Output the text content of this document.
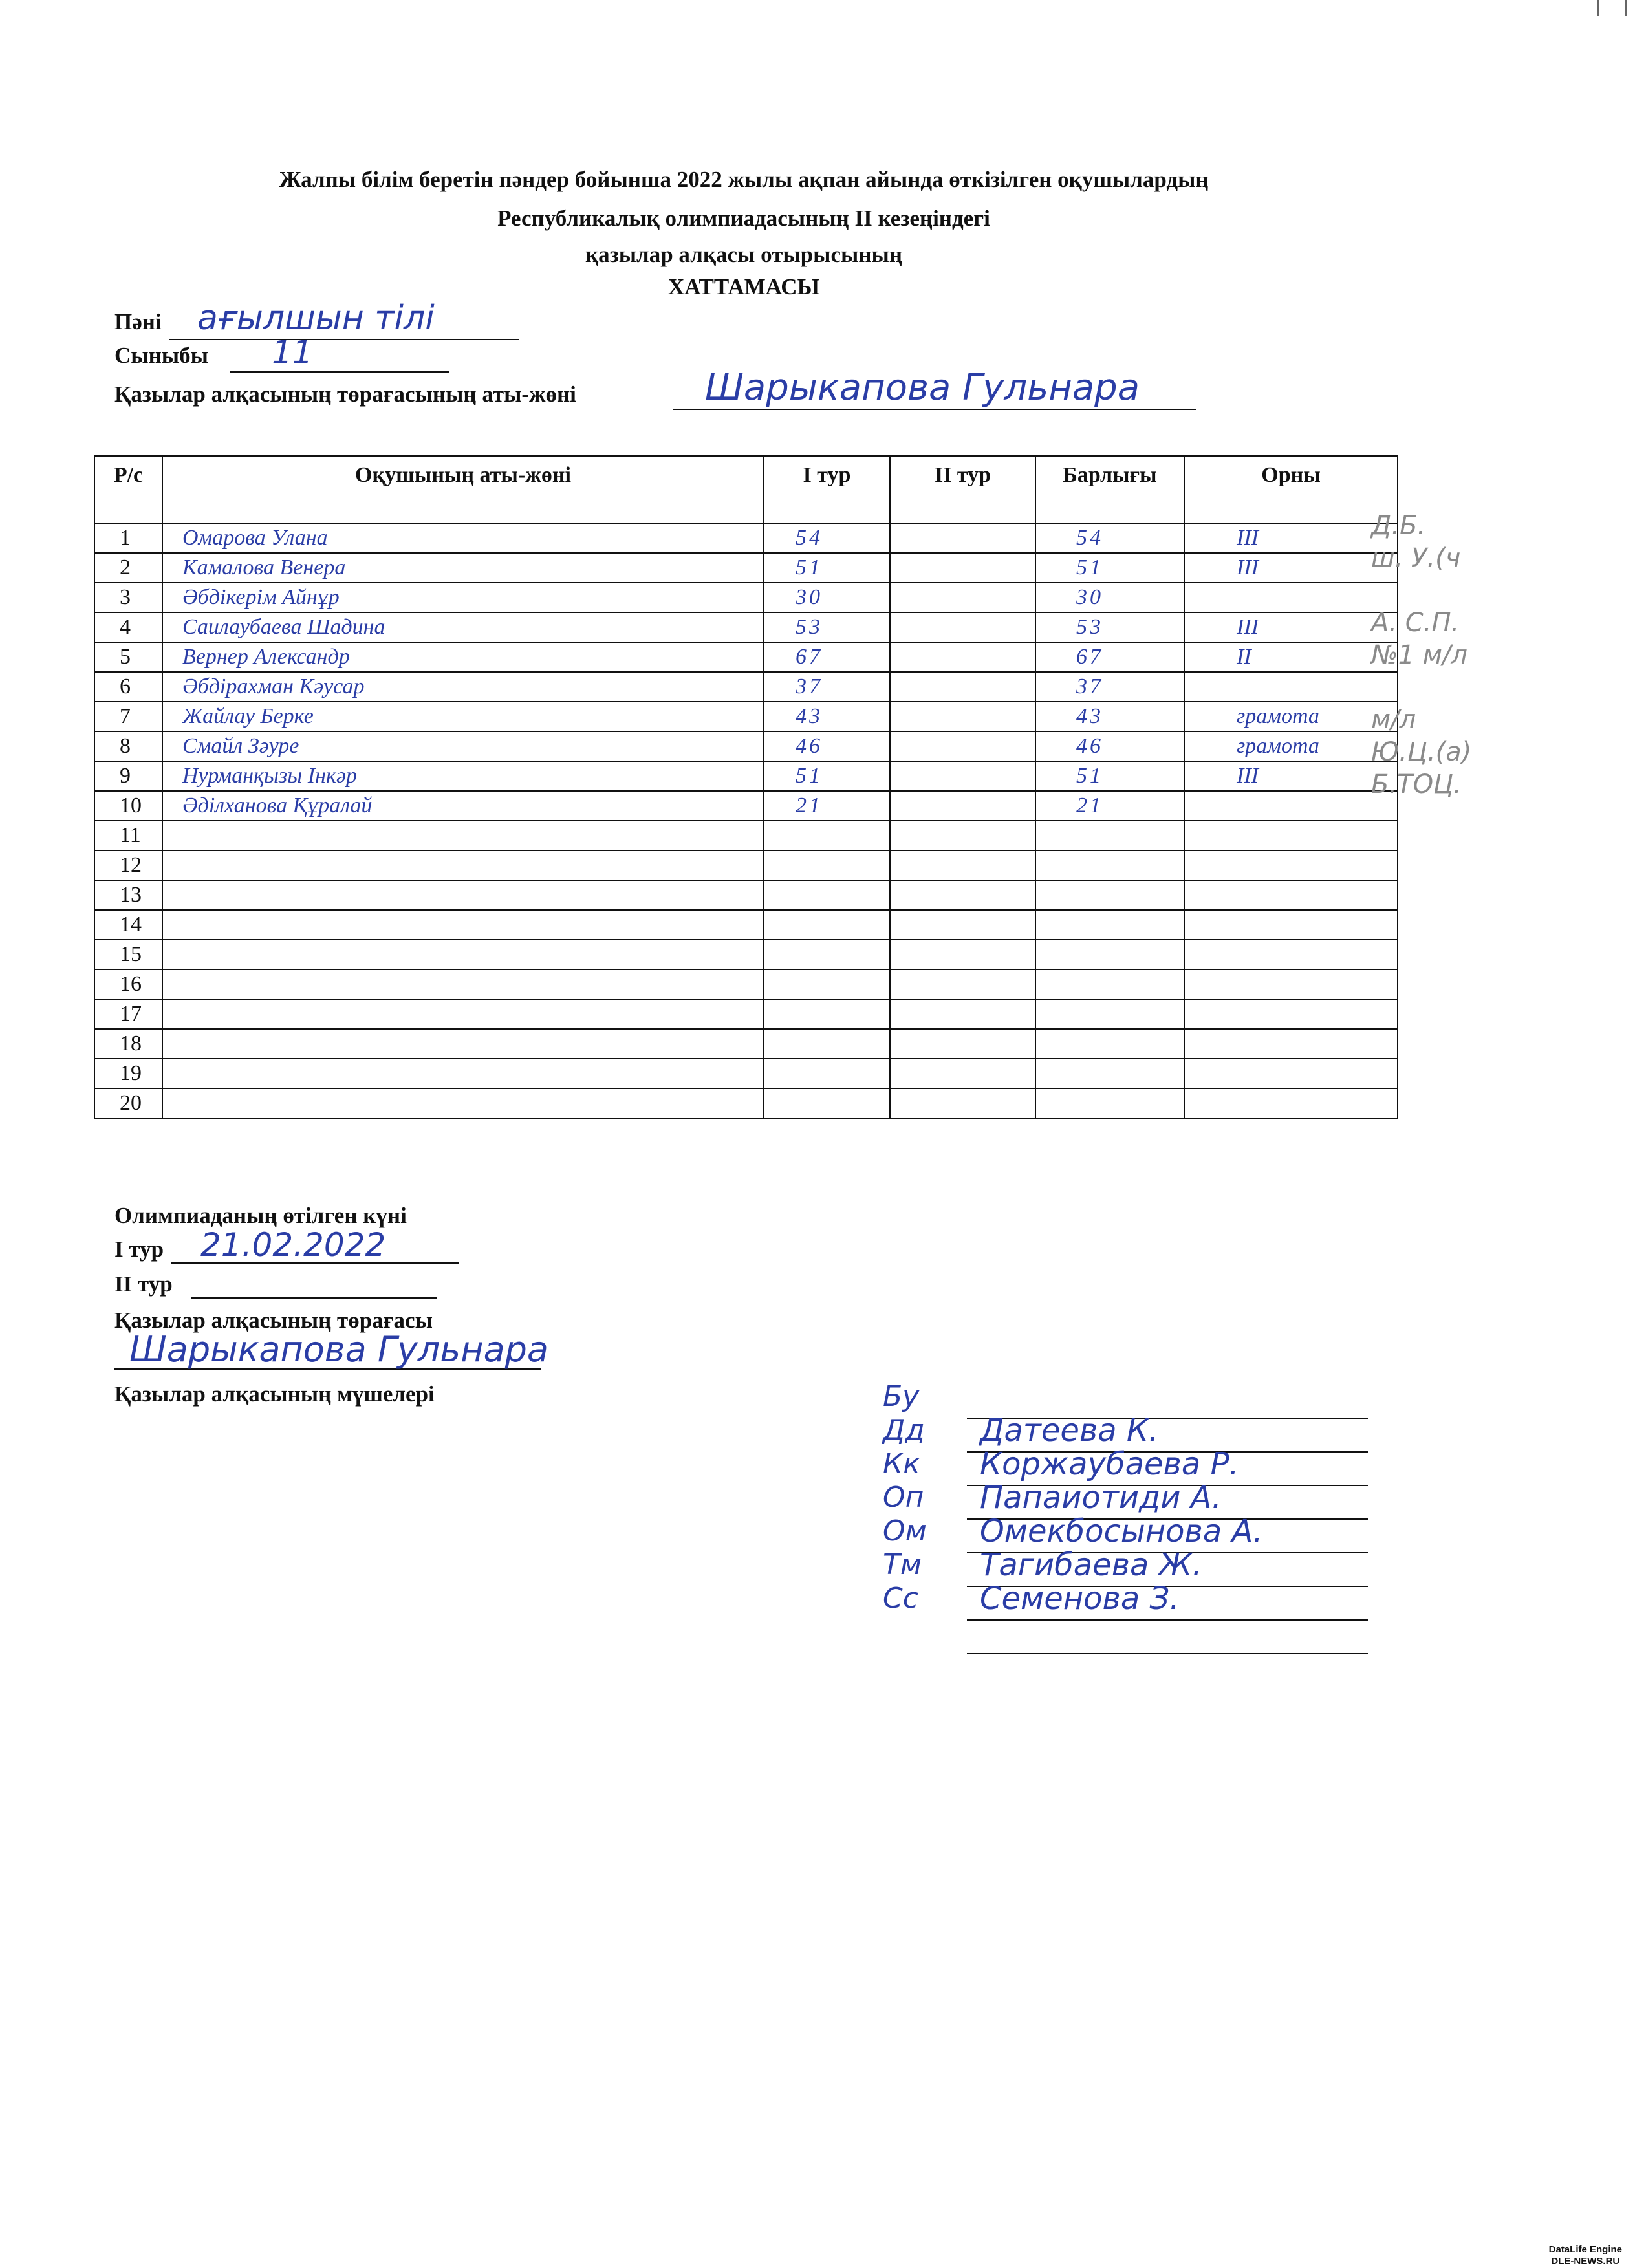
Жалпы білім беретін пәндер бойынша 2022 жылы ақпан айында өткізілген оқушылардың
Республикалық олимпиадасының ІІ кезеңіндегі
қазылар алқасы отырысының
ХАТТАМАСЫ
Пәні ағылшын тілі
Сыныбы 11
Қазылар алқасының төрағасының аты-жөні	Шарыкапова Гульнара
Р/с	Оқушының аты-жөні	І тур	ІІ тур	Барлығы	Орны
1	Омарова Улана	54		54	III
2	Камалова Венера	51		51	III
3	Әбдікерім Айнұр	30		30	
4	Саилаубаева Шадина	53		53	III
5	Вернер Александр	67		67	II
6	Әбдірахман Кәусар	37		37	
7	Жайлау Берке	43		43	грамота
8	Смайл Зәуре	46		46	грамота
9	Нурманқызы Інкәр	51		51	III
10	Әділханова Құралай	21		21	
11					
12					
13					
14					
15					
16					
17					
18					
19					
20					
Д.Б.
ш. У.(ч
А. С.П.
№1 м/л
м/л
Ю.Ц.(а)
Б.ТОЦ.
Олимпиаданың өтілген күні
І тур 21.02.2022
ІІ тур
Қазылар алқасының төрағасы
Шарыкапова Гульнара
Қазылар алқасының мүшелері	Бу
Дд Датеева К.
Кк Коржаубаева Р.
Оп Папаиотиди А.
Ом Омекбосынова А.
Тм Тагибаева Ж.
Сс Семенова З.
DataLife Engine
DLE-NEWS.RU
